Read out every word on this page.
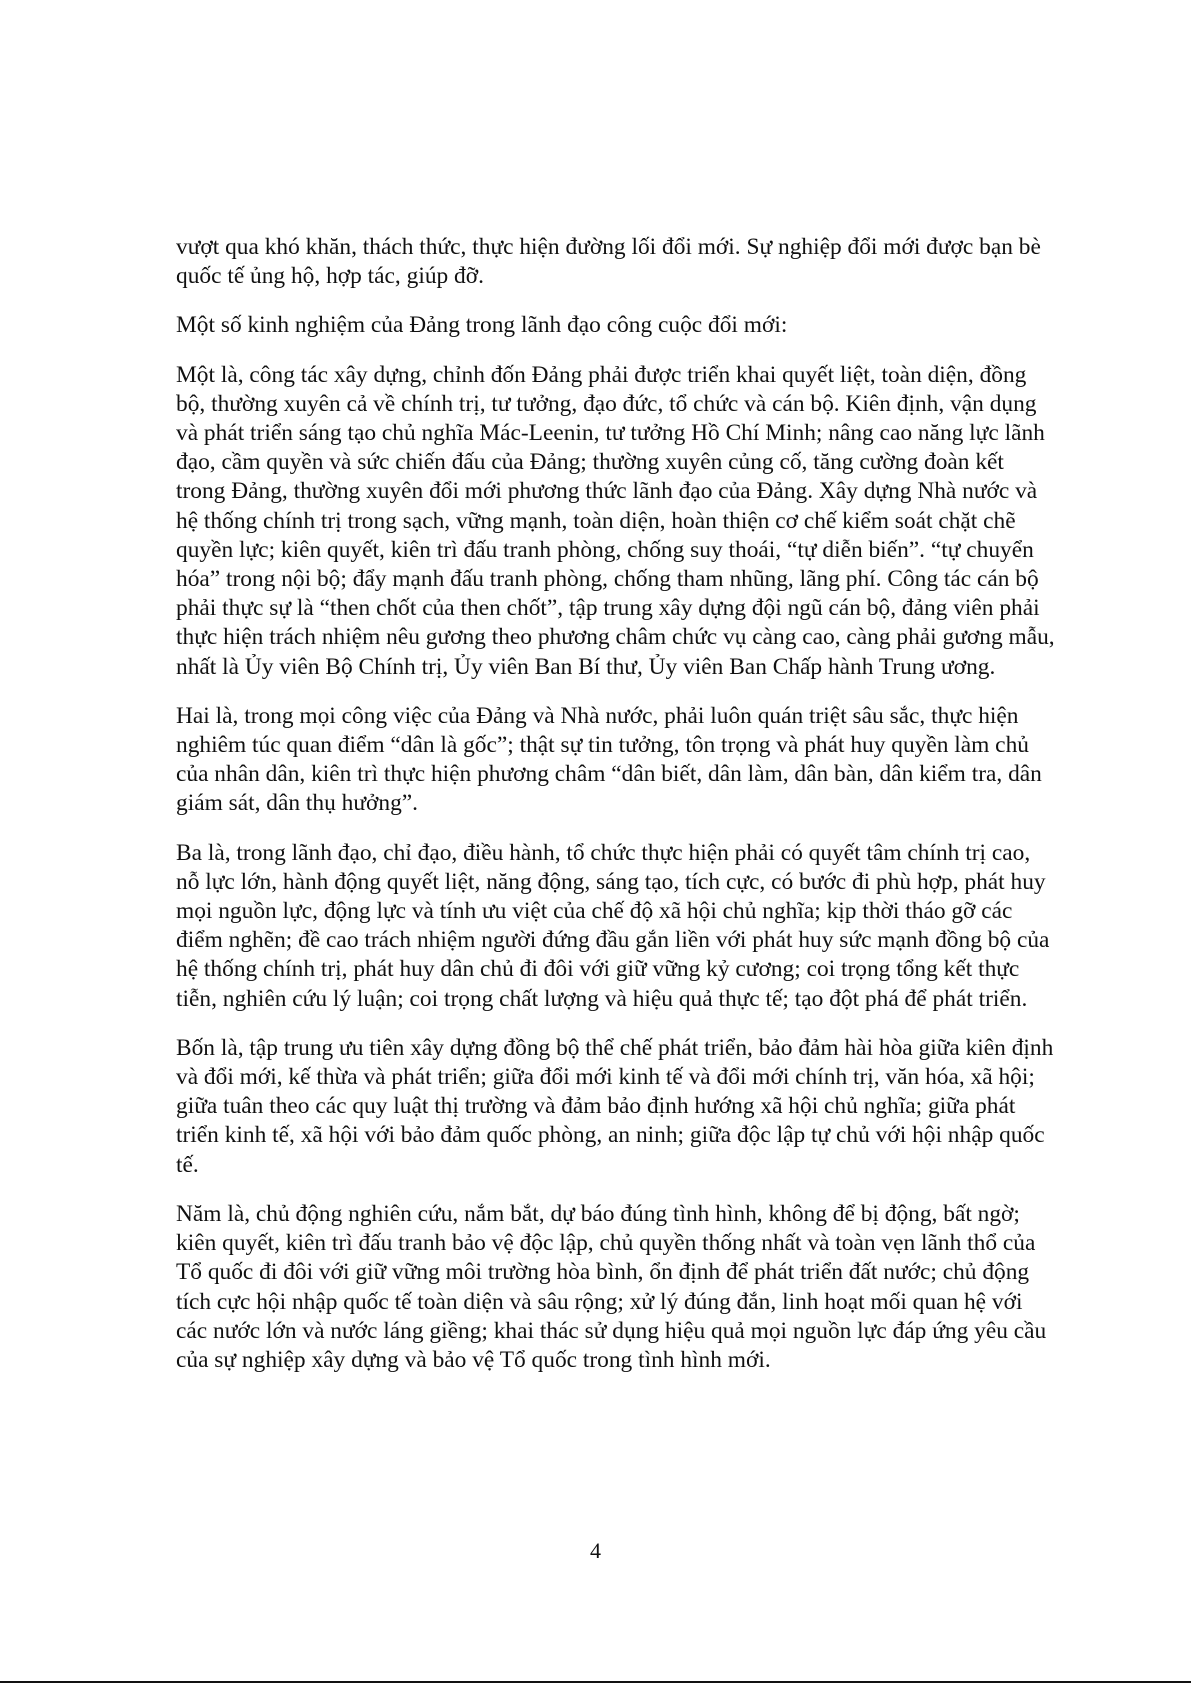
vượt qua khó khăn, thách thức, thực hiện đường lối đổi mới. Sự nghiệp đổi mới được bạn bè quốc tế ủng hộ, hợp tác, giúp đỡ.

Một số kinh nghiệm của Đảng trong lãnh đạo công cuộc đổi mới:

Một là, công tác xây dựng, chỉnh đốn Đảng phải được triển khai quyết liệt, toàn diện, đồng bộ, thường xuyên cả về chính trị, tư tưởng, đạo đức, tổ chức và cán bộ. Kiên định, vận dụng và phát triển sáng tạo chủ nghĩa Mác-Leenin, tư tưởng Hồ Chí Minh; nâng cao năng lực lãnh đạo, cầm quyền và sức chiến đấu của Đảng; thường xuyên củng cố, tăng cường đoàn kết trong Đảng, thường xuyên đổi mới phương thức lãnh đạo của Đảng. Xây dựng Nhà nước và hệ thống chính trị trong sạch, vững mạnh, toàn diện, hoàn thiện cơ chế kiểm soát chặt chẽ quyền lực; kiên quyết, kiên trì đấu tranh phòng, chống suy thoái, “tự diễn biến”. “tự chuyển hóa” trong nội bộ; đẩy mạnh đấu tranh phòng, chống tham nhũng, lãng phí. Công tác cán bộ phải thực sự là “then chốt của then chốt”, tập trung xây dựng đội ngũ cán bộ, đảng viên phải thực hiện trách nhiệm nêu gương theo phương châm chức vụ càng cao, càng phải gương mẫu, nhất là Ủy viên Bộ Chính trị, Ủy viên Ban Bí thư, Ủy viên Ban Chấp hành Trung ương.

Hai là, trong mọi công việc của Đảng và Nhà nước, phải luôn quán triệt sâu sắc, thực hiện nghiêm túc quan điểm “dân là gốc”; thật sự tin tưởng, tôn trọng và phát huy quyền làm chủ của nhân dân, kiên trì thực hiện phương châm “dân biết, dân làm, dân bàn, dân kiểm tra, dân giám sát, dân thụ hưởng”.

Ba là, trong lãnh đạo, chỉ đạo, điều hành, tổ chức thực hiện phải có quyết tâm chính trị cao, nỗ lực lớn, hành động quyết liệt, năng động, sáng tạo, tích cực, có bước đi phù hợp, phát huy mọi nguồn lực, động lực và tính ưu việt của chế độ xã hội chủ nghĩa; kịp thời tháo gỡ các điểm nghẽn; đề cao trách nhiệm người đứng đầu gắn liền với phát huy sức mạnh đồng bộ của hệ thống chính trị, phát huy dân chủ đi đôi với giữ vững kỷ cương; coi trọng tổng kết thực tiễn, nghiên cứu lý luận; coi trọng chất lượng và hiệu quả thực tế; tạo đột phá để phát triển.

Bốn là, tập trung ưu tiên xây dựng đồng bộ thể chế phát triển, bảo đảm hài hòa giữa kiên định và đổi mới, kế thừa và phát triển; giữa đổi mới kinh tế và đổi mới chính trị, văn hóa, xã hội; giữa tuân theo các quy luật thị trường và đảm bảo định hướng xã hội chủ nghĩa; giữa phát triển kinh tế, xã hội với bảo đảm quốc phòng, an ninh; giữa độc lập tự chủ với hội nhập quốc tế.

Năm là, chủ động nghiên cứu, nắm bắt, dự báo đúng tình hình, không để bị động, bất ngờ; kiên quyết, kiên trì đấu tranh bảo vệ độc lập, chủ quyền thống nhất và toàn vẹn lãnh thổ của Tổ quốc đi đôi với giữ vững môi trường hòa bình, ổn định để phát triển đất nước; chủ động tích cực hội nhập quốc tế toàn diện và sâu rộng; xử lý đúng đắn, linh hoạt mối quan hệ với các nước lớn và nước láng giềng; khai thác sử dụng hiệu quả mọi nguồn lực đáp ứng yêu cầu của sự nghiệp xây dựng và bảo vệ Tổ quốc trong tình hình mới.

4
